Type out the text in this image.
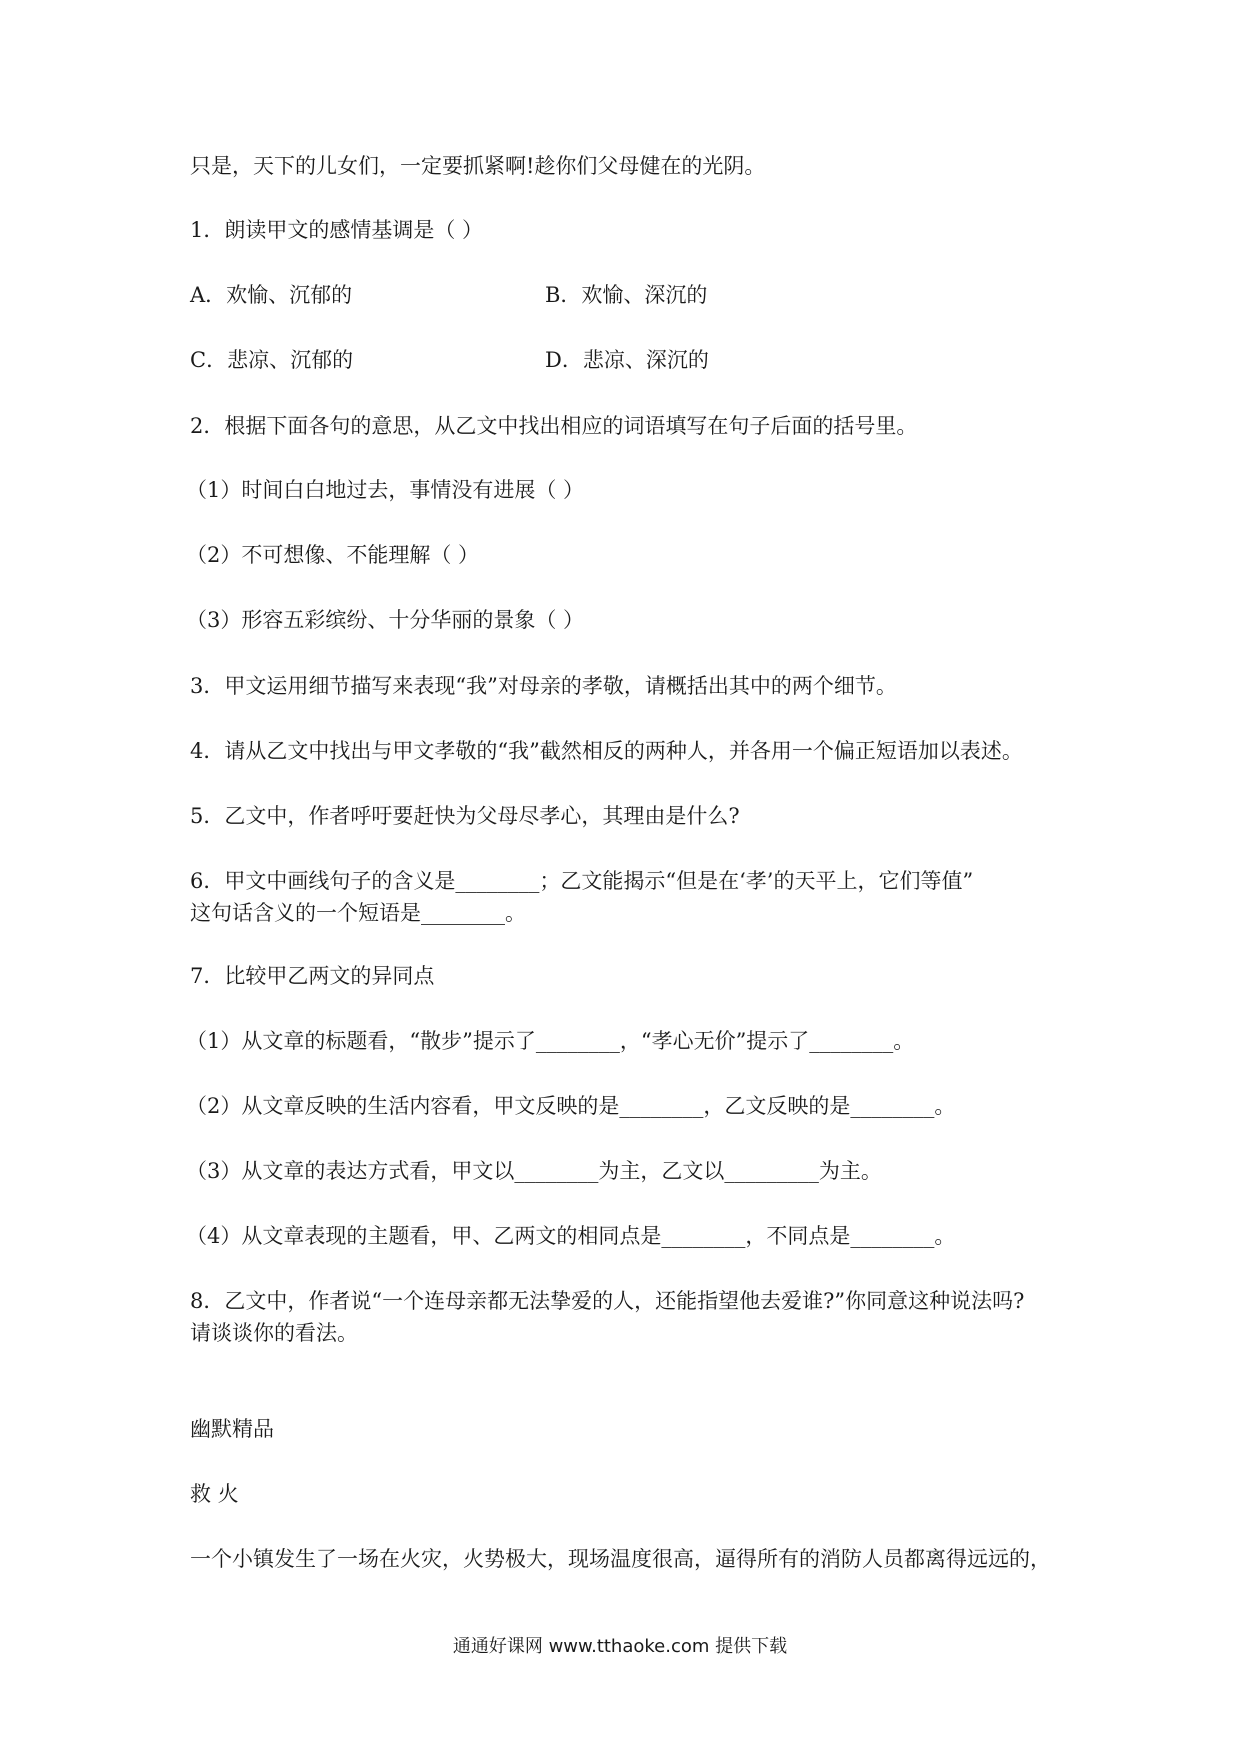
只是，天下的儿女们，一定要抓紧啊!趁你们父母健在的光阴。
1．朗读甲文的感情基调是（ ）
A．欢愉、沉郁的	B．欢愉、深沉的
C．悲凉、沉郁的	D．悲凉、深沉的
2．根据下面各句的意思，从乙文中找出相应的词语填写在句子后面的括号里。
（1）时间白白地过去，事情没有进展（ ）
（2）不可想像、不能理解（ ）
（3）形容五彩缤纷、十分华丽的景象（ ）
3．甲文运用细节描写来表现“我”对母亲的孝敬，请概括出其中的两个细节。
4．请从乙文中找出与甲文孝敬的“我”截然相反的两种人，并各用一个偏正短语加以表述。
5．乙文中，作者呼吁要赶快为父母尽孝心，其理由是什么?
6．甲文中画线句子的含义是________；乙文能揭示“但是在‘孝’的天平上，它们等值”
这句话含义的一个短语是________。
7．比较甲乙两文的异同点
（1）从文章的标题看，“散步”提示了________，“孝心无价”提示了________。
（2）从文章反映的生活内容看，甲文反映的是________，乙文反映的是________。
（3）从文章的表达方式看，甲文以________为主，乙文以_________为主。
（4）从文章表现的主题看，甲、乙两文的相同点是________，不同点是________。
8．乙文中，作者说“一个连母亲都无法挚爱的人，还能指望他去爱谁?”你同意这种说法吗?
请谈谈你的看法。
幽默精品
救 火
一个小镇发生了一场在火灾，火势极大，现场温度很高，逼得所有的消防人员都离得远远的，
通通好课网 www.tthaoke.com 提供下载
